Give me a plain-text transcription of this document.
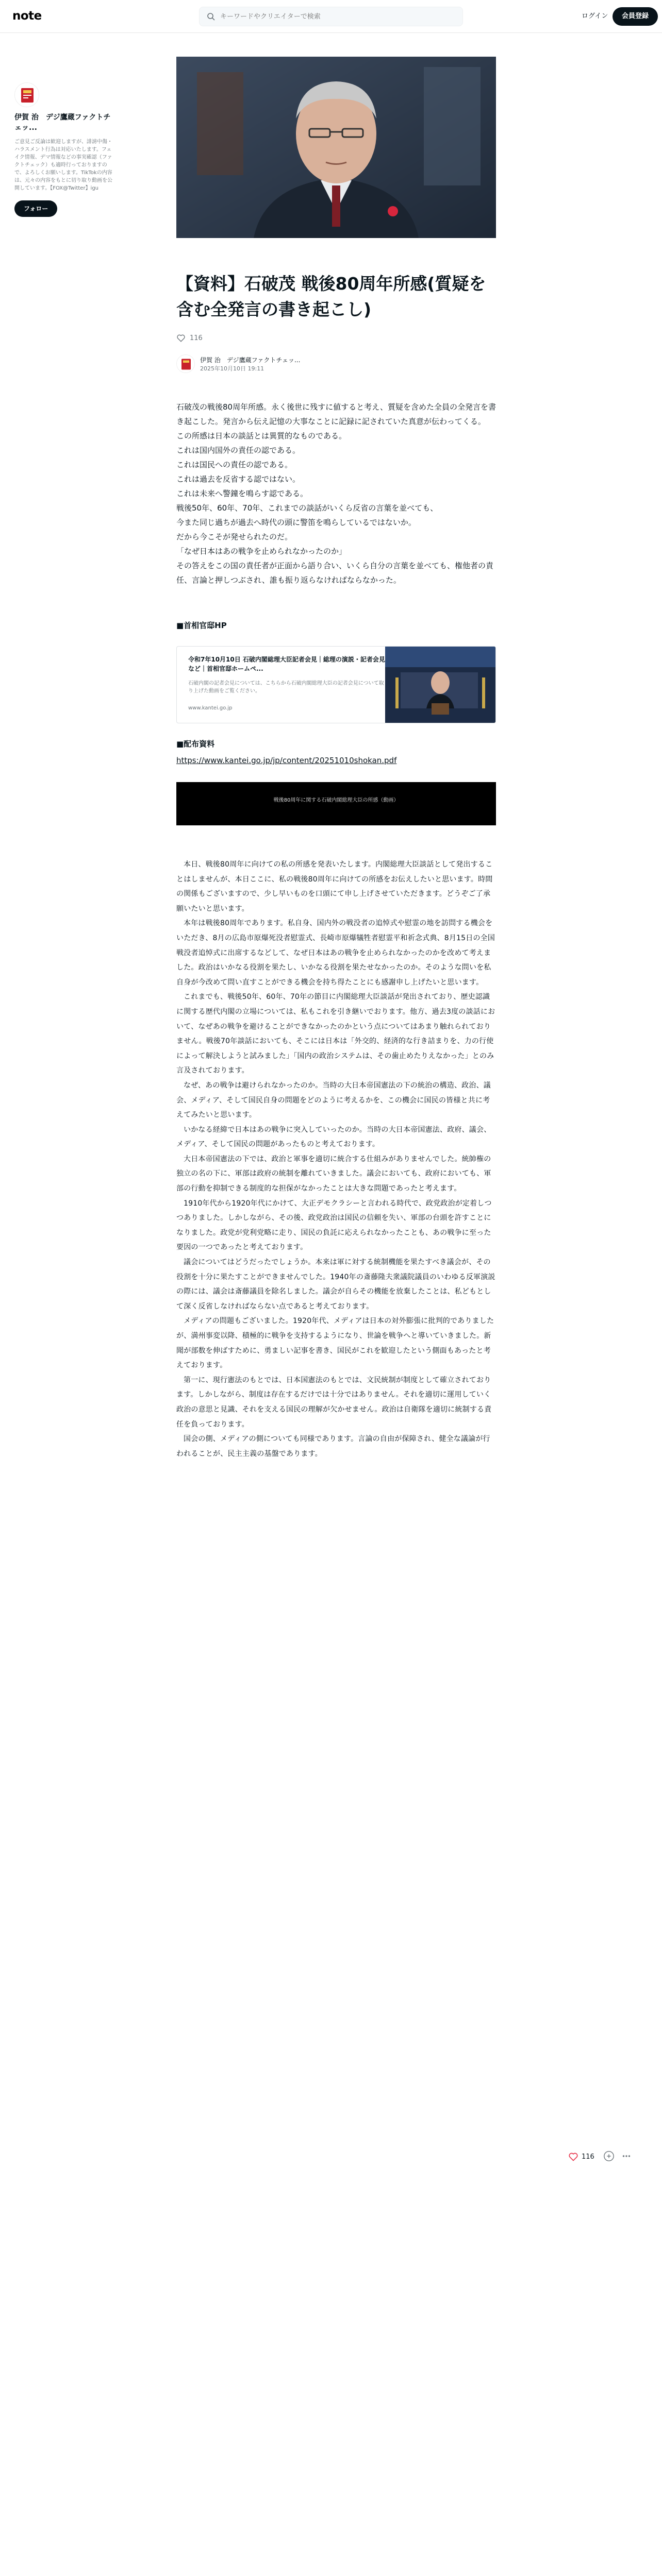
note
キーワードやクリエイターで検索	ログイン	会員登録
伊賀 治　デジ鷹蔵ファクトチェッ...
ご意見ご反論は歓迎しますが、誹謗中傷・ハラスメント行為は対応いたします。フェイク情報、デマ情報などの事実確認（ファクトチェック）も適時行っておりますので、よろしくお願いします。TikTokの内容は、元々の内容をもとに切り取り動画を公開しています。【FOX@Twitter】igu
フォロー
【資料】石破茂 戦後80周年所感(質疑を含む全発言の書き起こし)
116
伊賀 治　デジ鷹蔵ファクトチェッ...
2025年10月10日 19:11

石破茂の戦後80周年所感。永く後世に残すに値すると考え、質疑を含めた全員の全発言を書き起こした。発言から伝え記憶の大事なことに記録に記されていた真意が伝わってくる。

この所感は日本の談話とは異質的なものである。

これは国内国外の責任の認である。

これは国民への責任の認である。

これは過去を反省する認ではない。

これは未来へ警鐘を鳴らす認である。

戦後50年、60年、70年、これまでの談話がいくら反省の言葉を並べても、

今また同じ過ちが過去へ時代の頭に警笛を鳴らしているではないか。

だから今こそが発せられたのだ。

「なぜ日本はあの戦争を止められなかったのか」

その答えをこの国の責任者が正面から語り合い、いくら自分の言葉を並べても、権他者の責任、言論と押しつぶされ、誰も振り返らなければならなかった。

■首相官邸HP
令和7年10月10日 石破内閣総理大臣記者会見｜総理の演説・記者会見など｜首相官邸ホームペ...
石破内閣の記者会見については、こちらから石破内閣総理大臣の記者会見について取り上げた動画をご覧ください。
www.kantei.go.jp
■配布資料
https://www.kantei.go.jp/jp/content/20251010shokan.pdf
戦後80周年に関する石破内閣総理大臣の所感（動画）

本日、戦後80周年に向けての私の所感を発表いたします。内閣総理大臣談話として発出することはしませんが、本日ここに、私の戦後80周年に向けての所感をお伝えしたいと思います。時間の関係もございますので、少し早いものを口頭にて申し上げさせていただきます。どうぞご了承願いたいと思います。

本年は戦後80周年であります。私自身、国内外の戦没者の追悼式や慰霊の地を訪問する機会をいただき、8月の広島市原爆死没者慰霊式、長崎市原爆犠牲者慰霊平和祈念式典、8月15日の全国戦没者追悼式に出席するなどして、なぜ日本はあの戦争を止められなかったのかを改めて考えました。政治はいかなる役割を果たし、いかなる役割を果たせなかったのか。そのような問いを私自身が今改めて問い直すことができる機会を持ち得たことにも感謝申し上げたいと思います。

これまでも、戦後50年、60年、70年の節目に内閣総理大臣談話が発出されており、歴史認識に関する歴代内閣の立場については、私もこれを引き継いでおります。他方、過去3度の談話において、なぜあの戦争を避けることができなかったのかという点についてはあまり触れられておりません。戦後70年談話においても、そこには日本は「外交的、経済的な行き詰まりを、力の行使によって解決しようと試みました」「国内の政治システムは、その歯止めたりえなかった」とのみ言及されております。

なぜ、あの戦争は避けられなかったのか。当時の大日本帝国憲法の下の統治の構造、政治、議会、メディア、そして国民自身の問題をどのように考えるかを、この機会に国民の皆様と共に考えてみたいと思います。

いかなる経緯で日本はあの戦争に突入していったのか。当時の大日本帝国憲法、政府、議会、メディア、そして国民の問題があったものと考えております。

大日本帝国憲法の下では、政治と軍事を適切に統合する仕組みがありませんでした。統帥権の独立の名の下に、軍部は政府の統制を離れていきました。議会においても、政府においても、軍部の行動を抑制できる制度的な担保がなかったことは大きな問題であったと考えます。

1910年代から1920年代にかけて、大正デモクラシーと言われる時代で、政党政治が定着しつつありました。しかしながら、その後、政党政治は国民の信頼を失い、軍部の台頭を許すことになりました。政党が党利党略に走り、国民の負託に応えられなかったことも、あの戦争に至った要因の一つであったと考えております。

議会についてはどうだったでしょうか。本来は軍に対する統制機能を果たすべき議会が、その役割を十分に果たすことができませんでした。1940年の斎藤隆夫衆議院議員のいわゆる反軍演説の際には、議会は斎藤議員を除名しました。議会が自らその機能を放棄したことは、私どもとして深く反省しなければならない点であると考えております。

メディアの問題もございました。1920年代、メディアは日本の対外膨張に批判的でありましたが、満州事変以降、積極的に戦争を支持するようになり、世論を戦争へと導いていきました。新聞が部数を伸ばすために、勇ましい記事を書き、国民がこれを歓迎したという側面もあったと考えております。

第一に、現行憲法のもとでは、日本国憲法のもとでは、文民統制が制度として確立されております。しかしながら、制度は存在するだけでは十分ではありません。それを適切に運用していく政治の意思と見識、それを支える国民の理解が欠かせません。政治は自衛隊を適切に統制する責任を負っております。

国会の側、メディアの側についても同様であります。言論の自由が保障され、健全な議論が行われることが、民主主義の基盤であります。

116
